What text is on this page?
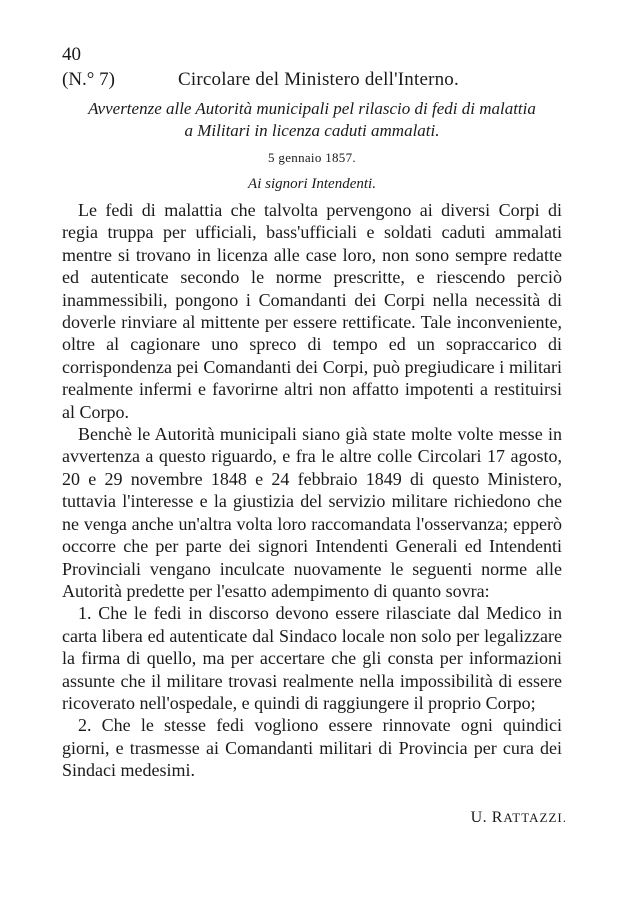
40
(N.° 7)	Circolare del Ministero dell'Interno.
Avvertenze alle Autorità municipali pel rilascio di fedi di malattia
a Militari in licenza caduti ammalati.
5 gennaio 1857.
Ai signori Intendenti.

Le fedi di malattia che talvolta pervengono ai diversi Corpi di regia truppa per ufficiali, bass'ufficiali e soldati caduti ammalati mentre si trovano in licenza alle case loro, non sono sempre redatte ed autenticate secondo le norme prescritte, e riescendo perciò inammessibili, pongono i Comandanti dei Corpi nella necessità di doverle rinviare al mittente per essere rettificate. Tale inconveniente, oltre al cagionare uno spreco di tempo ed un sopraccarico di corrispondenza pei Comandanti dei Corpi, può pregiudicare i militari realmente infermi e favorirne altri non affatto impotenti a restituirsi al Corpo.

Benchè le Autorità municipali siano già state molte volte messe in avvertenza a questo riguardo, e fra le altre colle Circolari 17 agosto, 20 e 29 novembre 1848 e 24 febbraio 1849 di questo Ministero, tuttavia l'interesse e la giustizia del servizio militare richiedono che ne venga anche un'altra volta loro raccomandata l'osservanza; epperò occorre che per parte dei signori Intendenti Generali ed Intendenti Provinciali vengano inculcate nuovamente le seguenti norme alle Autorità predette per l'esatto adempimento di quanto sovra:

1. Che le fedi in discorso devono essere rilasciate dal Medico in carta libera ed autenticate dal Sindaco locale non solo per legalizzare la firma di quello, ma per accertare che gli consta per informazioni assunte che il militare trovasi realmente nella impossibilità di essere ricoverato nell'ospedale, e quindi di raggiungere il proprio Corpo;

2. Che le stesse fedi vogliono essere rinnovate ogni quindici giorni, e trasmesse ai Comandanti militari di Provincia per cura dei Sindaci medesimi.

U. RATTAZZI.
